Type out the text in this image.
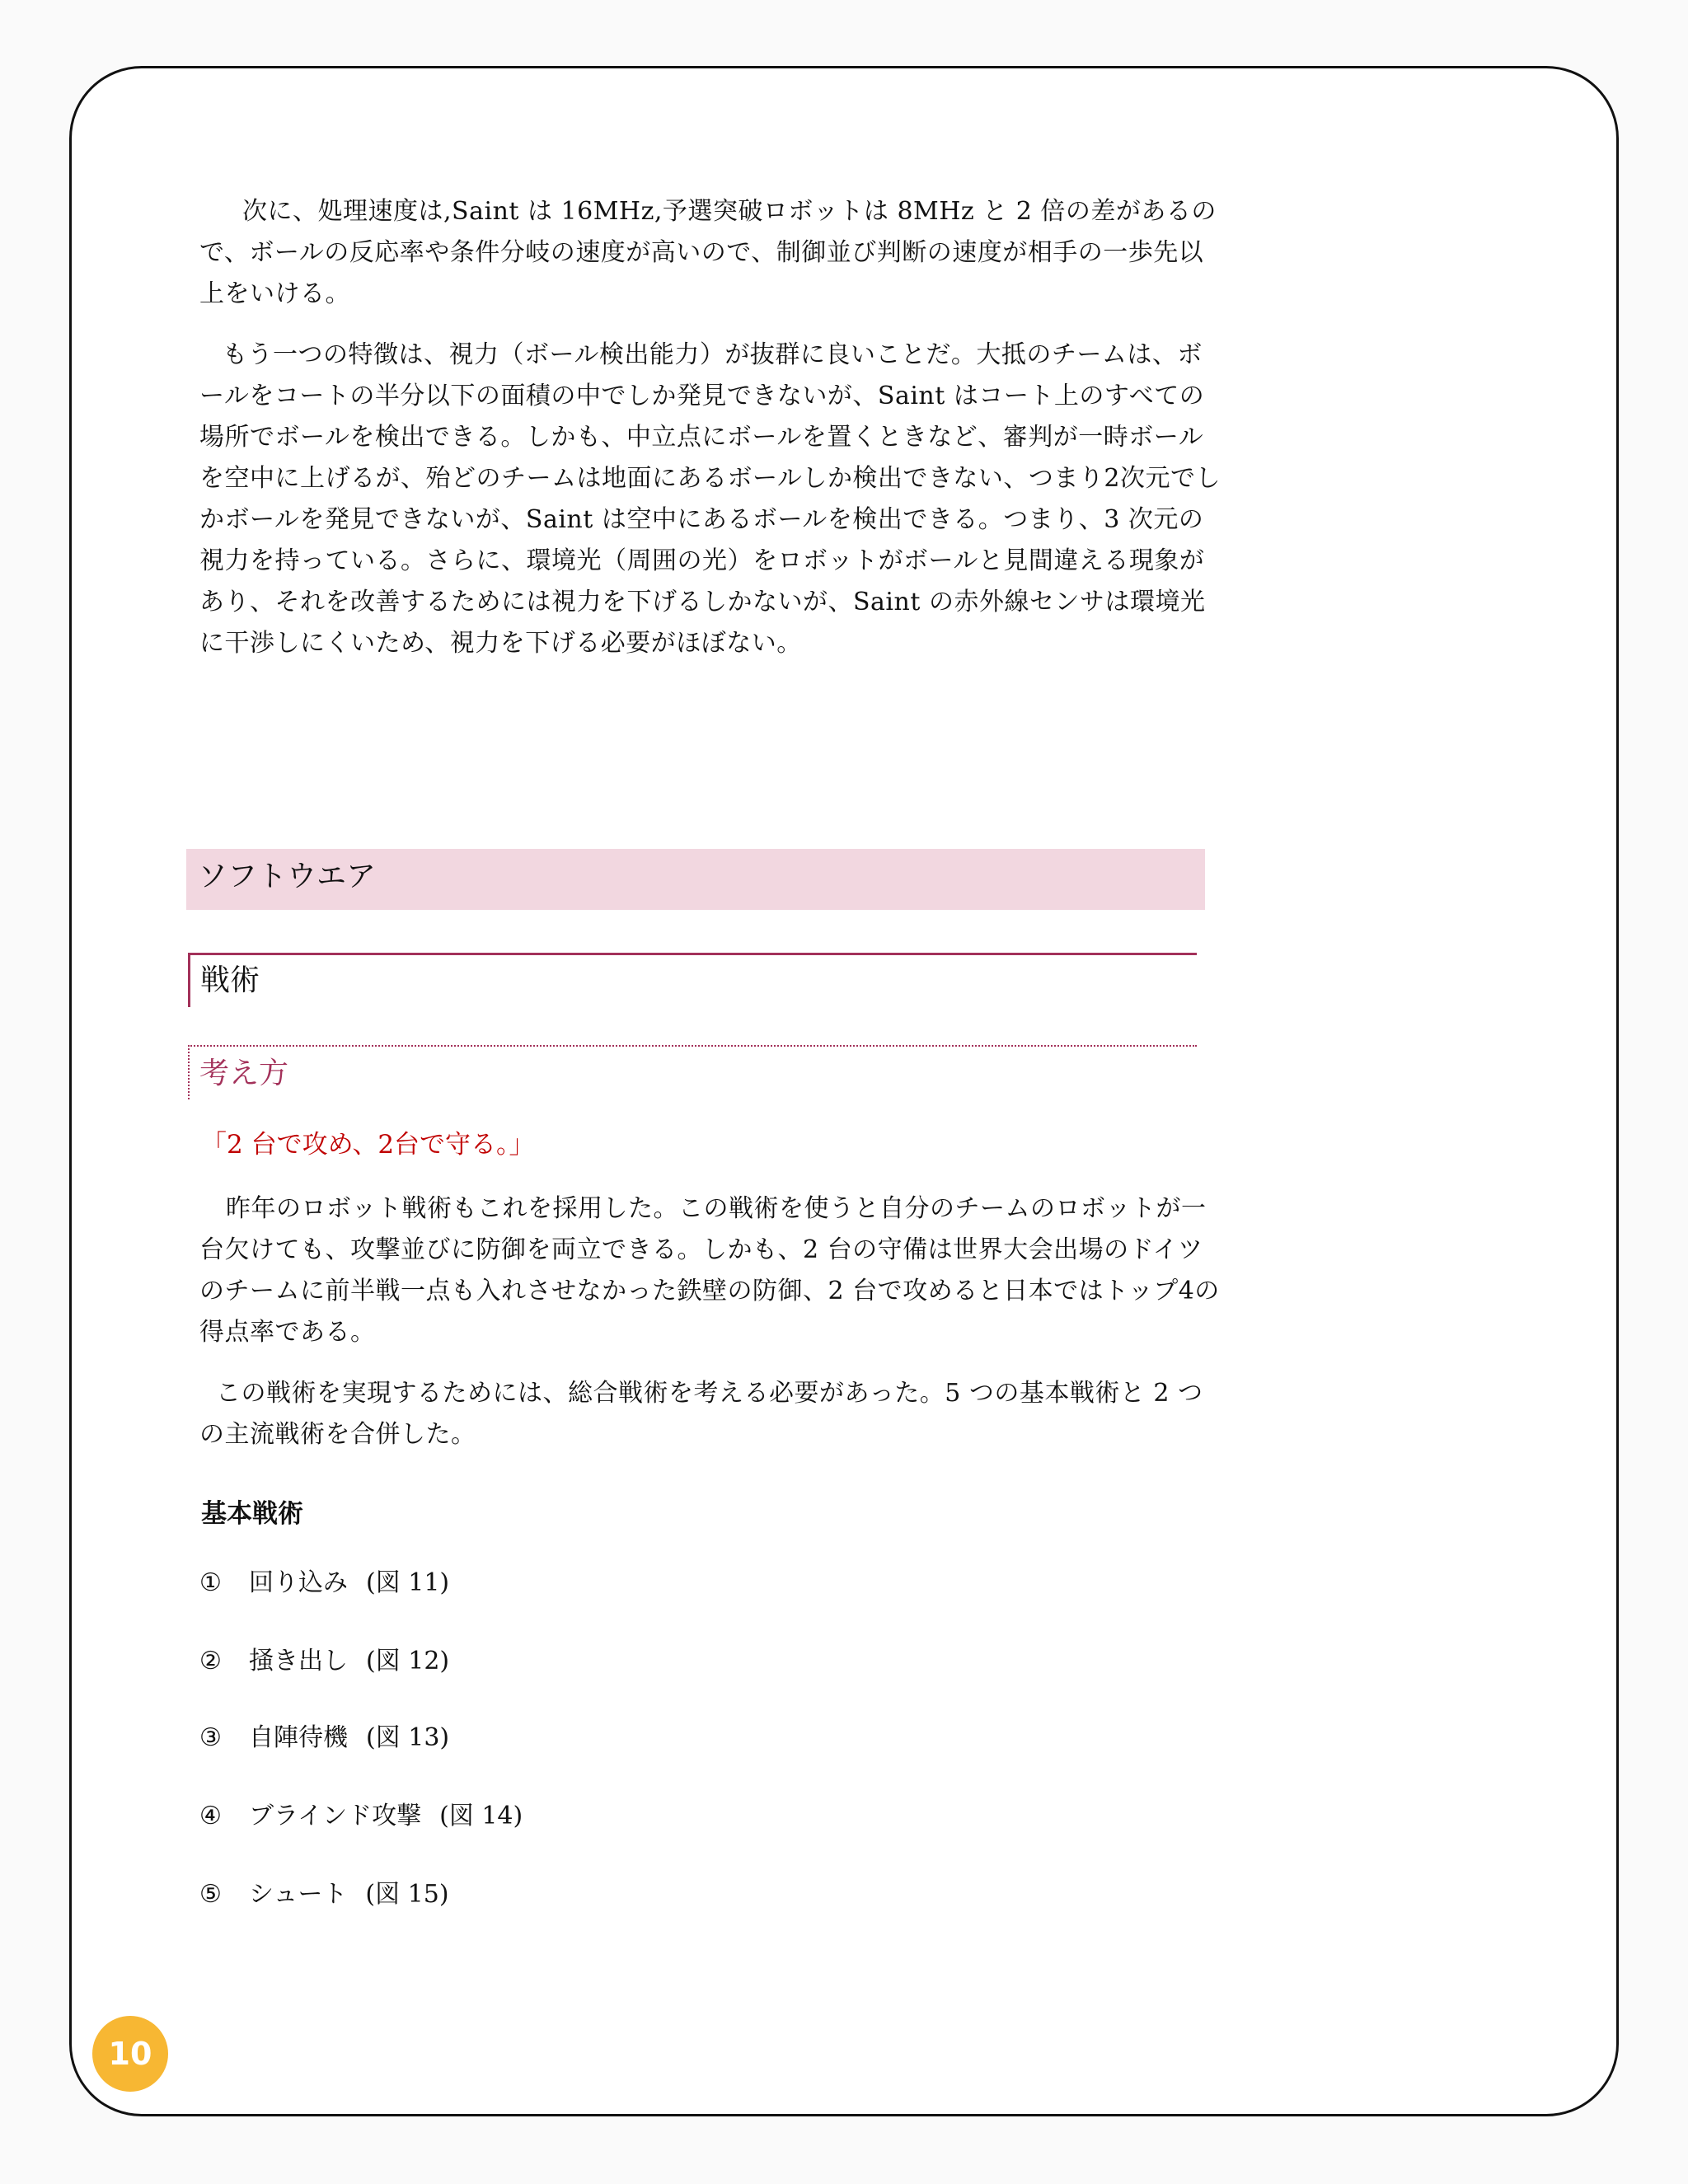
次に、処理速度は,Saint は 16MHz,予選突破ロボットは 8MHz と 2 倍の差があるので、ボールの反応率や条件分岐の速度が高いので、制御並び判断の速度が相手の一歩先以上をいける。

もう一つの特徴は、視力（ボール検出能力）が抜群に良いことだ。大抵のチームは、ボールをコートの半分以下の面積の中でしか発見できないが、Saint はコート上のすべての場所でボールを検出できる。しかも、中立点にボールを置くときなど、審判が一時ボールを空中に上げるが、殆どのチームは地面にあるボールしか検出できない、つまり2次元でしかボールを発見できないが、Saint は空中にあるボールを検出できる。つまり、3 次元の視力を持っている。さらに、環境光（周囲の光）をロボットがボールと見間違える現象があり、それを改善するためには視力を下げるしかないが、Saint の赤外線センサは環境光に干渉しにくいため、視力を下げる必要がほぼない。

ソフトウエア
戦術
考え方
「2 台で攻め、2台で守る。」

昨年のロボット戦術もこれを採用した。この戦術を使うと自分のチームのロボットが一台欠けても、攻撃並びに防御を両立できる。しかも、2 台の守備は世界大会出場のドイツのチームに前半戦一点も入れさせなかった鉄壁の防御、2 台で攻めると日本ではトップ4の得点率である。

この戦術を実現するためには、総合戦術を考える必要があった。5 つの基本戦術と 2 つの主流戦術を合併した。

基本戦術
① 回り込み (図 11)
② 掻き出し (図 12)
③ 自陣待機 (図 13)
④ ブラインド攻撃 (図 14)
⑤ シュート (図 15)
10
